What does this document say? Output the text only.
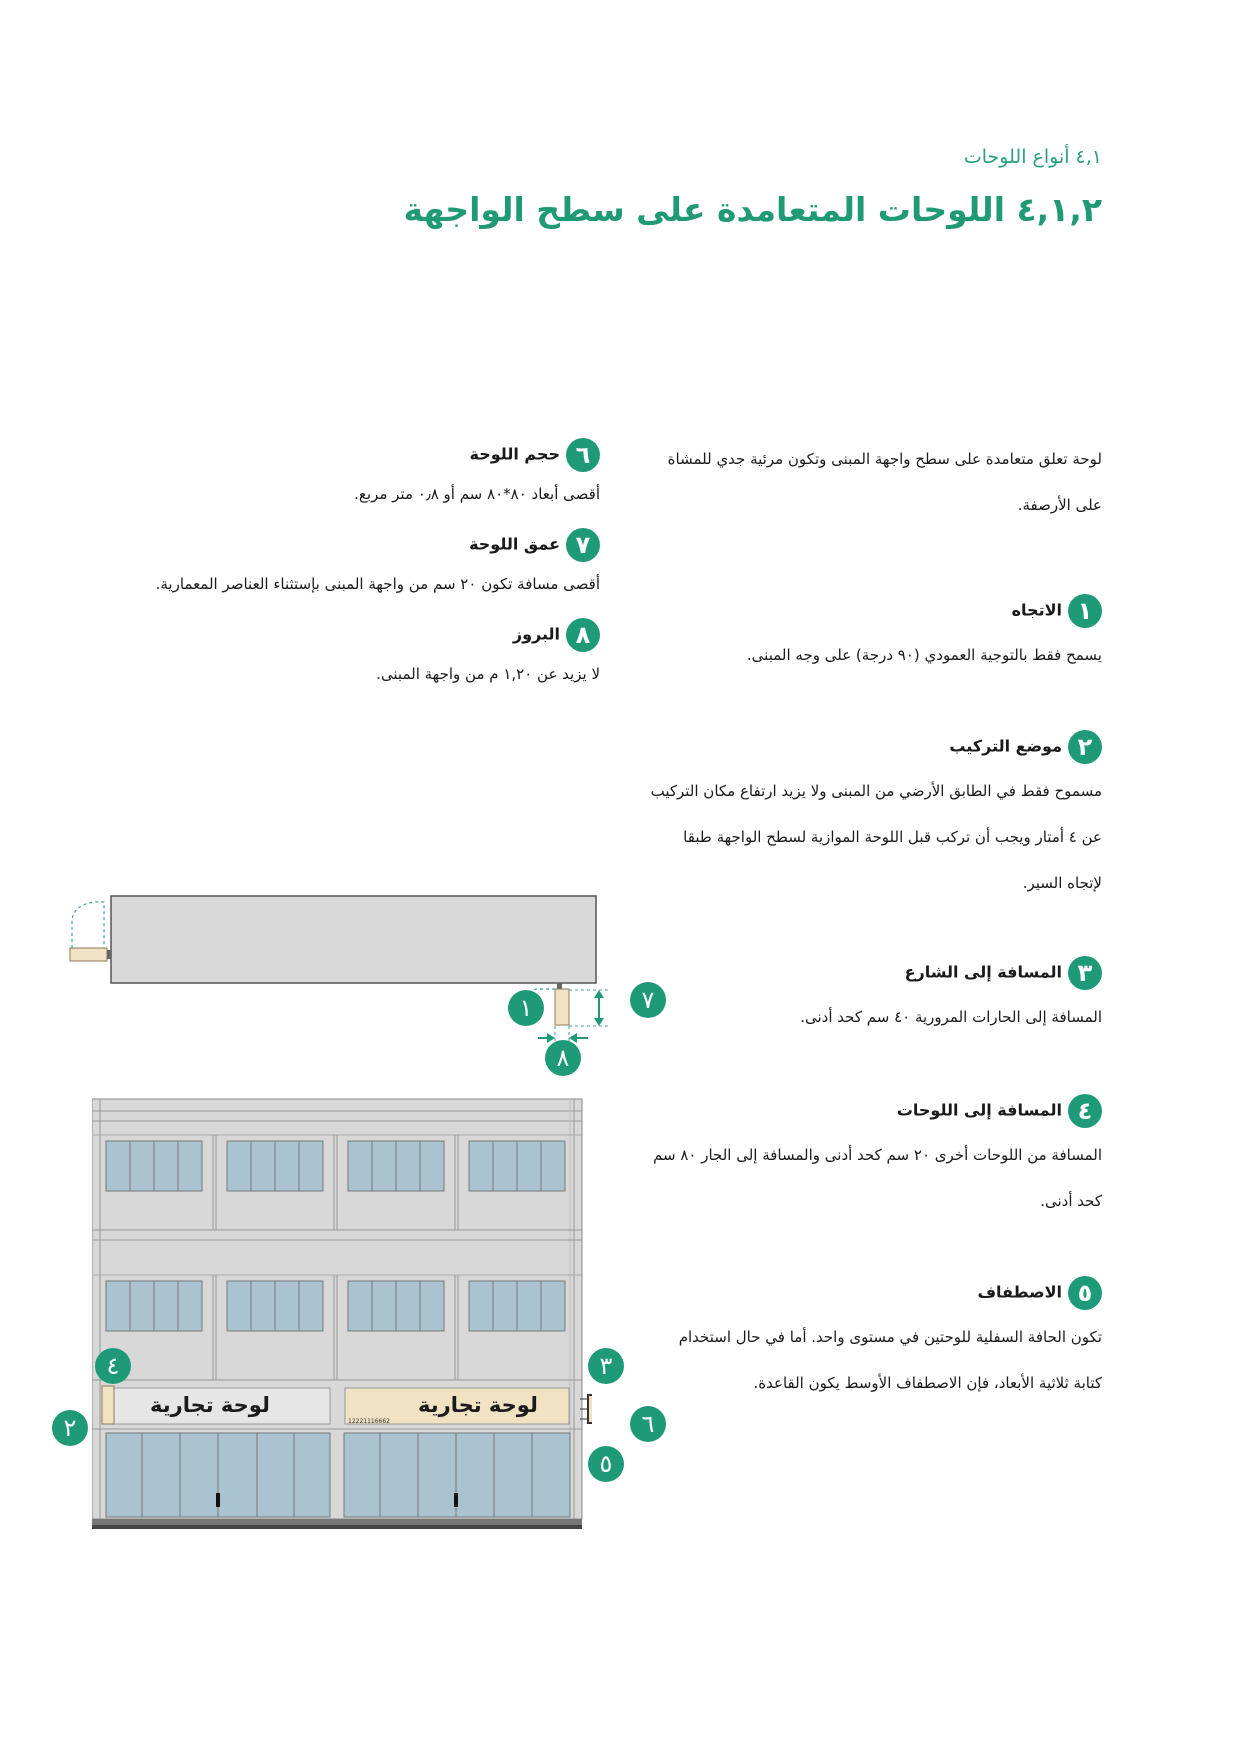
٤,١ أنواع اللوحات
٤,١,٢ اللوحات المتعامدة على سطح الواجهة
لوحة تعلق متعامدة على سطح واجهة المبنى وتكون مرئية جدي للمشاة
على الأرصفة.
١الاتجاه
يسمح فقط بالتوجية العمودي (٩٠ درجة) على وجه المبنى.
٢موضع التركيب
مسموح فقط في الطابق الأرضي من المبنى ولا يزيد ارتفاع مكان التركيب
عن ٤ أمتار ويجب أن تركب قبل اللوحة الموازية لسطح الواجهة طبقا
لإتجاه السير.
٣المسافة إلى الشارع
المسافة إلى الحارات المرورية ٤٠ سم كحد أدنى.
٤المسافة إلى اللوحات
المسافة من اللوحات أخرى ٢٠ سم كحد أدنى والمسافة إلى الجار ٨٠ سم
كحد أدنى.
٥الاصطفاف
تكون الحافة السفلية للوحتين في مستوى واحد. أما في حال استخدام
كتابة ثلاثية الأبعاد، فإن الاصطفاف الأوسط يكون القاعدة.
٦حجم اللوحة
أقصى أبعاد ٨٠*٨٠ سم أو ٠٫٨ متر مربع.
٧عمق اللوحة
أقصى مسافة تكون ٢٠ سم من واجهة المبنى بإستثناء العناصر المعمارية.
٨البروز
لا يزيد عن ١,٢٠ م من واجهة المبنى.
١	٧
٨
لوحة تجارية	لوحة تجارية
12221116662
٤
٢
٣
٦
٥
